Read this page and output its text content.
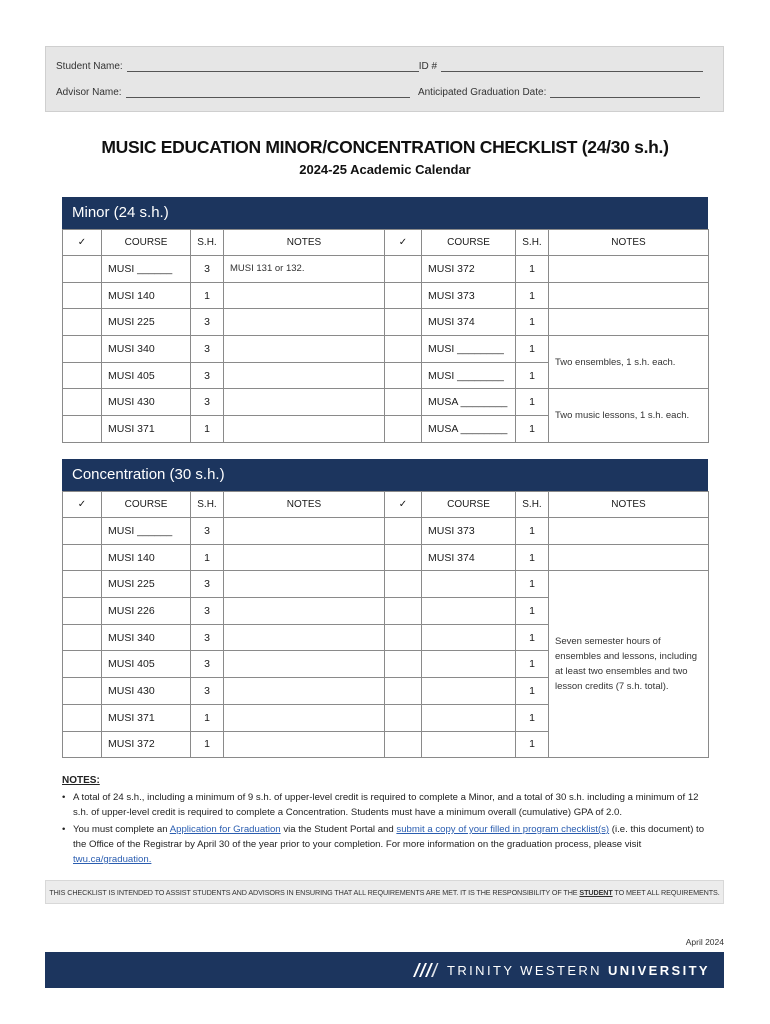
Student Name:	ID #
Advisor Name:	Anticipated Graduation Date:
MUSIC EDUCATION MINOR/CONCENTRATION CHECKLIST (24/30 s.h.)
2024-25 Academic Calendar
Minor (24 s.h.)
✓	COURSE	S.H.	NOTES	✓	COURSE	S.H.	NOTES
	MUSI ______	3	MUSI 131 or 132.		MUSI 372	1	
	MUSI 140	1			MUSI 373	1	
	MUSI 225	3			MUSI 374	1	
	MUSI 340	3			MUSI ________	1	Two ensembles, 1 s.h. each.
	MUSI 405	3			MUSI ________	1	
	MUSI 430	3			MUSA ________	1	Two music lessons, 1 s.h. each.
	MUSI 371	1			MUSA ________	1	
Concentration (30 s.h.)
✓	COURSE	S.H.	NOTES	✓	COURSE	S.H.	NOTES
	MUSI ______	3			MUSI 373	1	
	MUSI 140	1			MUSI 374	1	
	MUSI 225	3				1	Seven semester hours of ensembles and lessons, including at least two ensembles and two lesson credits (7 s.h. total).
	MUSI 226	3				1	
	MUSI 340	3				1	
	MUSI 405	3				1	
	MUSI 430	3				1	
	MUSI 371	1				1	
	MUSI 372	1				1	
NOTES:
• A total of 24 s.h., including a minimum of 9 s.h. of upper-level credit is required to complete a Minor, and a total of 30 s.h. including a minimum of 12 s.h. of upper-level credit is required to complete a Concentration. Students must have a minimum overall (cumulative) GPA of 2.0.
• You must complete an Application for Graduation via the Student Portal and submit a copy of your filled in program checklist(s) (i.e. this document) to the Office of the Registrar by April 30 of the year prior to your completion. For more information on the graduation process, please visit twu.ca/graduation.
THIS CHECKLIST IS INTENDED TO ASSIST STUDENTS AND ADVISORS IN ENSURING THAT ALL REQUIREMENTS ARE MET. IT IS THE RESPONSIBILITY OF THE STUDENT TO MEET ALL REQUIREMENTS.
April 2024
TRINITY WESTERN UNIVERSITY
